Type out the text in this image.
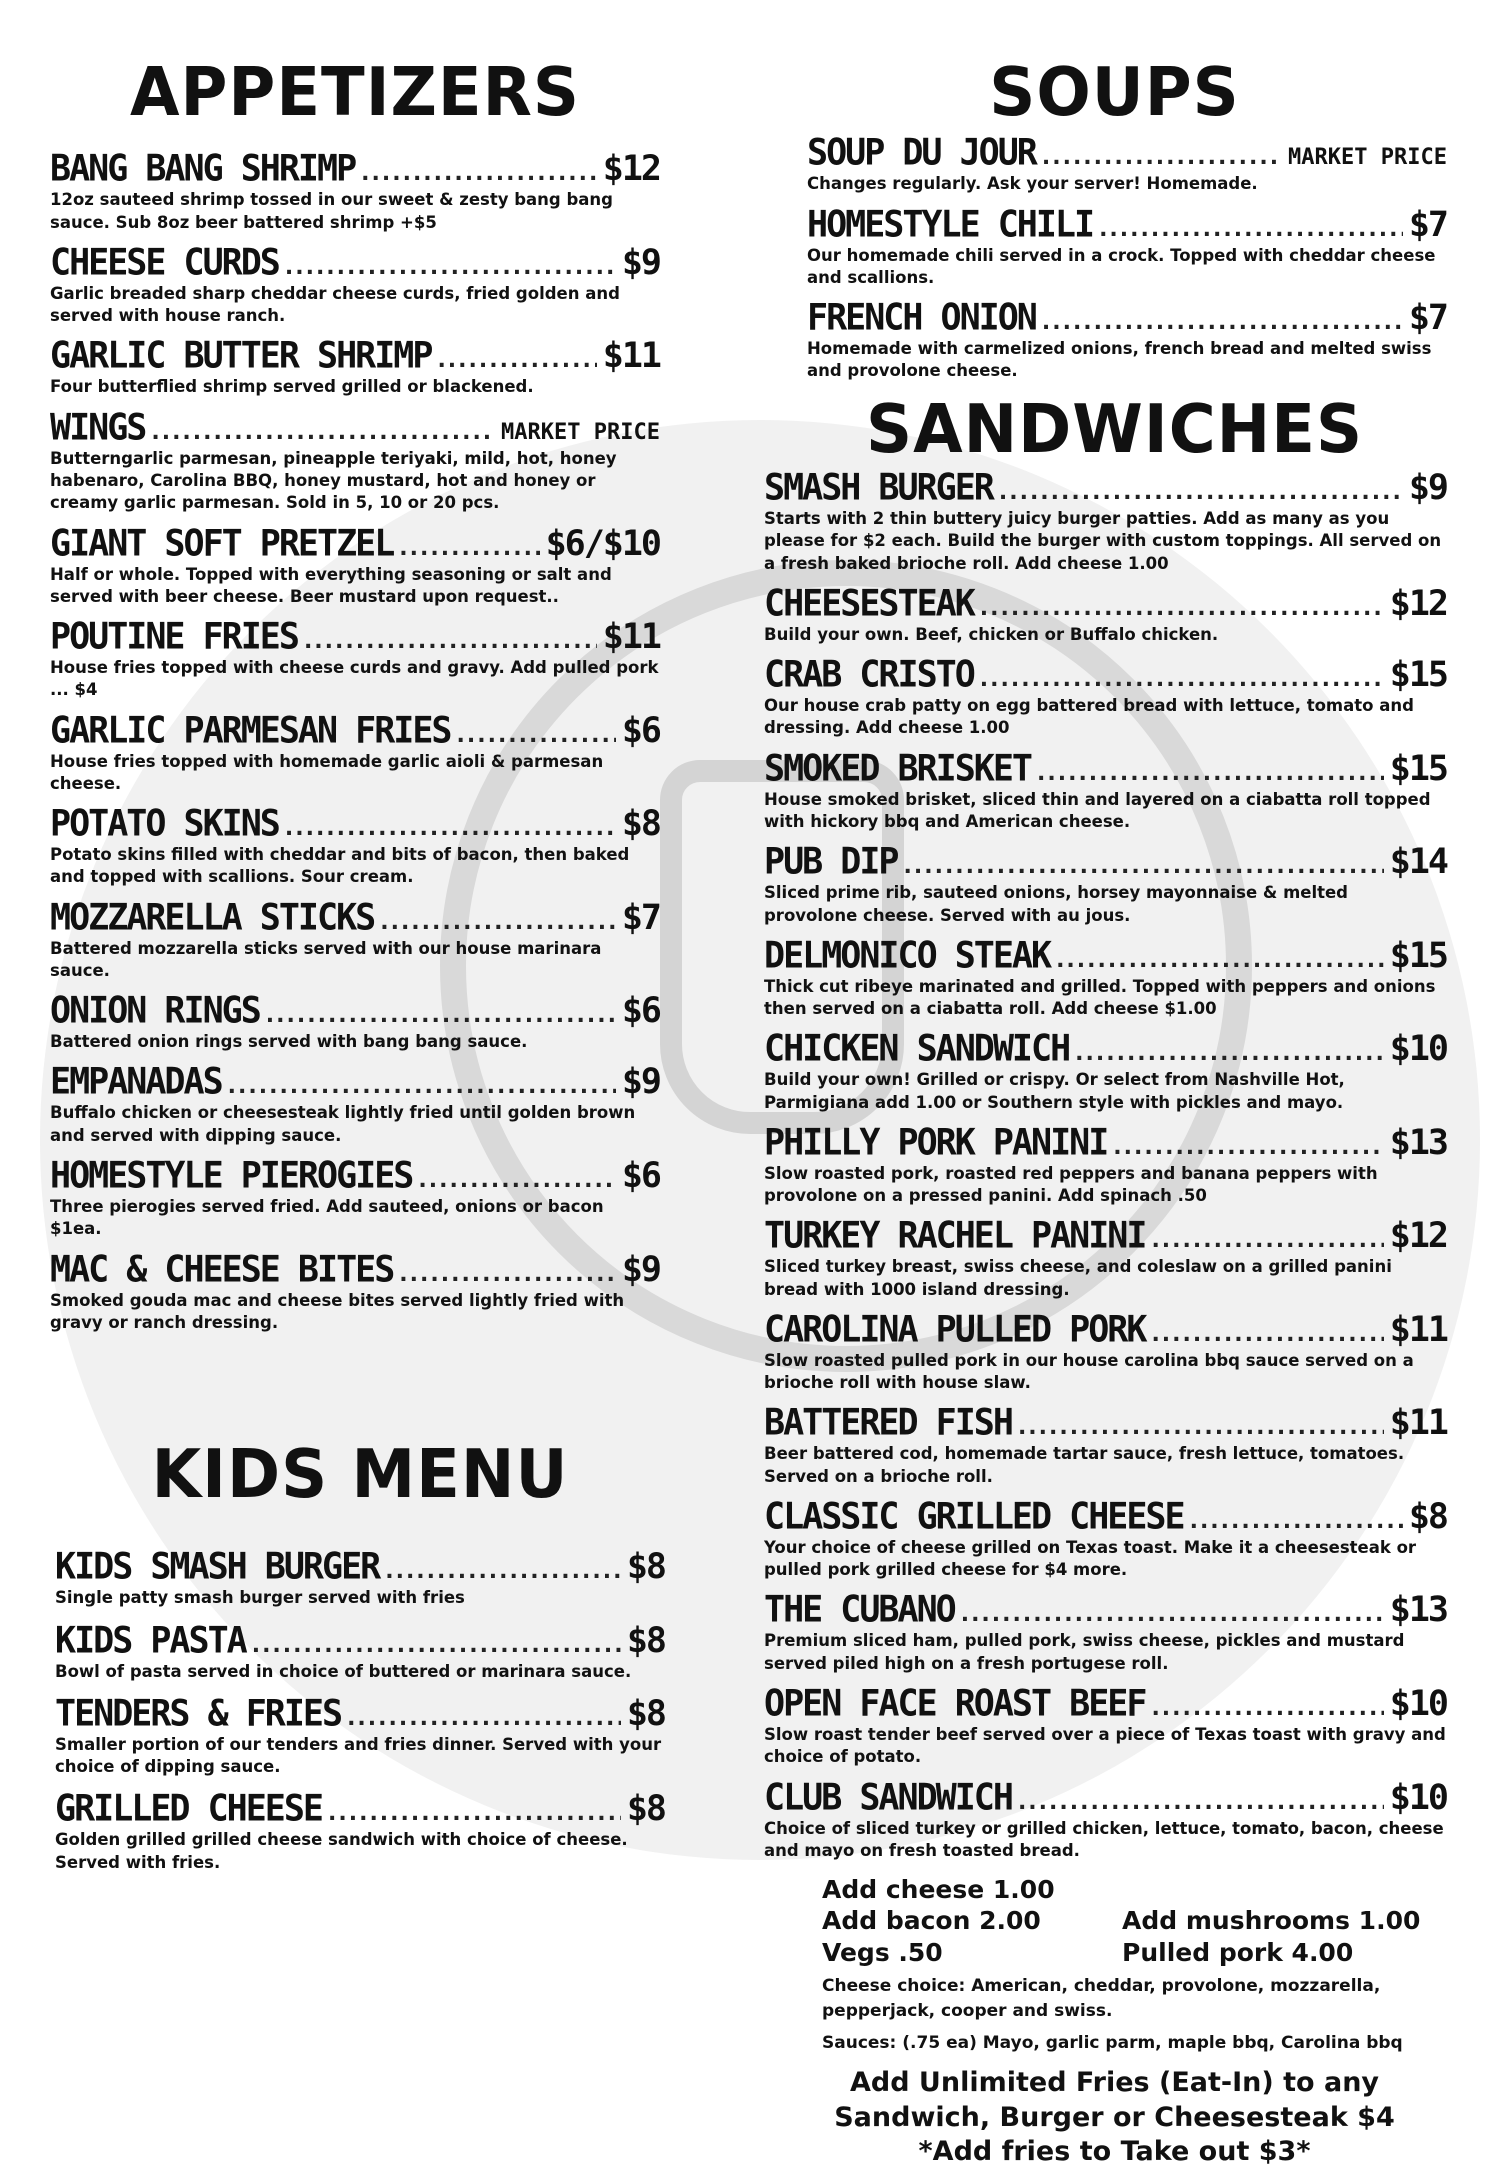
APPETIZERS
BANG BANG SHRIMP .....	$12
12oz sauteed shrimp tossed in our sweet & zesty bang bang sauce. Sub 8oz beer battered shrimp +$5
CHEESE CURDS .....	$9
Garlic breaded sharp cheddar cheese curds, fried golden and served with house ranch.
GARLIC BUTTER SHRIMP .....	$11
Four butterflied shrimp served grilled or blackened.
WINGS .....	MARKET PRICE
Butterngarlic parmesan, pineapple teriyaki, mild, hot, honey habenaro, Carolina BBQ, honey mustard, hot and honey or creamy garlic parmesan. Sold in 5, 10 or 20 pcs.
GIANT SOFT PRETZEL .....	$6/$10
Half or whole. Topped with everything seasoning or salt and served with beer cheese. Beer mustard upon request..
POUTINE FRIES .....	$11
House fries topped with cheese curds and gravy. Add pulled pork ... $4
GARLIC PARMESAN FRIES .....	$6
House fries topped with homemade garlic aioli & parmesan cheese.
POTATO SKINS .....	$8
Potato skins filled with cheddar and bits of bacon, then baked and topped with scallions. Sour cream.
MOZZARELLA STICKS .....	$7
Battered mozzarella sticks served with our house marinara sauce.
ONION RINGS .....	$6
Battered onion rings served with bang bang sauce.
EMPANADAS .....	$9
Buffalo chicken or cheesesteak lightly fried until golden brown and served with dipping sauce.
HOMESTYLE PIEROGIES .....	$6
Three pierogies served fried. Add sauteed, onions or bacon $1ea.
MAC & CHEESE BITES .....	$9
Smoked gouda mac and cheese bites served lightly fried with gravy or ranch dressing.
KIDS MENU
KIDS SMASH BURGER .....	$8
Single patty smash burger served with fries
KIDS PASTA .....	$8
Bowl of pasta served in choice of buttered or marinara sauce.
TENDERS & FRIES .....	$8
Smaller portion of our tenders and fries dinner. Served with your choice of dipping sauce.
GRILLED CHEESE .....	$8
Golden grilled grilled cheese sandwich with choice of cheese. Served with fries.
SOUPS
SOUP DU JOUR .....	MARKET PRICE
Changes regularly. Ask your server! Homemade.
HOMESTYLE CHILI .....	$7
Our homemade chili served in a crock. Topped with cheddar cheese and scallions.
FRENCH ONION .....	$7
Homemade with carmelized onions, french bread and melted swiss and provolone cheese.
SANDWICHES
SMASH BURGER .....	$9
Starts with 2 thin buttery juicy burger patties. Add as many as you please for $2 each. Build the burger with custom toppings. All served on a fresh baked brioche roll. Add cheese 1.00
CHEESESTEAK .....	$12
Build your own. Beef, chicken or Buffalo chicken.
CRAB CRISTO .....	$15
Our house crab patty on egg battered bread with lettuce, tomato and dressing. Add cheese 1.00
SMOKED BRISKET .....	$15
House smoked brisket, sliced thin and layered on a ciabatta roll topped with hickory bbq and American cheese.
PUB DIP .....	$14
Sliced prime rib, sauteed onions, horsey mayonnaise & melted provolone cheese. Served with au jous.
DELMONICO STEAK .....	$15
Thick cut ribeye marinated and grilled. Topped with peppers and onions then served on a ciabatta roll. Add cheese $1.00
CHICKEN SANDWICH .....	$10
Build your own! Grilled or crispy. Or select from Nashville Hot, Parmigiana add 1.00 or Southern style with pickles and mayo.
PHILLY PORK PANINI .....	$13
Slow roasted pork, roasted red peppers and banana peppers with provolone on a pressed panini. Add spinach .50
TURKEY RACHEL PANINI .....	$12
Sliced turkey breast, swiss cheese, and coleslaw on a grilled panini bread with 1000 island dressing.
CAROLINA PULLED PORK .....	$11
Slow roasted pulled pork in our house carolina bbq sauce served on a brioche roll with house slaw.
BATTERED FISH .....	$11
Beer battered cod, homemade tartar sauce, fresh lettuce, tomatoes. Served on a brioche roll.
CLASSIC GRILLED CHEESE .....	$8
Your choice of cheese grilled on Texas toast. Make it a cheesesteak or pulled pork grilled cheese for $4 more.
THE CUBANO .....	$13
Premium sliced ham, pulled pork, swiss cheese, pickles and mustard served piled high on a fresh portugese roll.
OPEN FACE ROAST BEEF .....	$10
Slow roast tender beef served over a piece of Texas toast with gravy and choice of potato.
CLUB SANDWICH .....	$10
Choice of sliced turkey or grilled chicken, lettuce, tomato, bacon, cheese and mayo on fresh toasted bread.
Add cheese 1.00
Add bacon 2.00	Add mushrooms 1.00
Vegs .50	Pulled pork 4.00
Cheese choice: American, cheddar, provolone, mozzarella, pepperjack, cooper and swiss.
Sauces: (.75 ea) Mayo, garlic parm, maple bbq, Carolina bbq
Add Unlimited Fries (Eat-In) to any
Sandwich, Burger or Cheesesteak $4
*Add fries to Take out $3*
